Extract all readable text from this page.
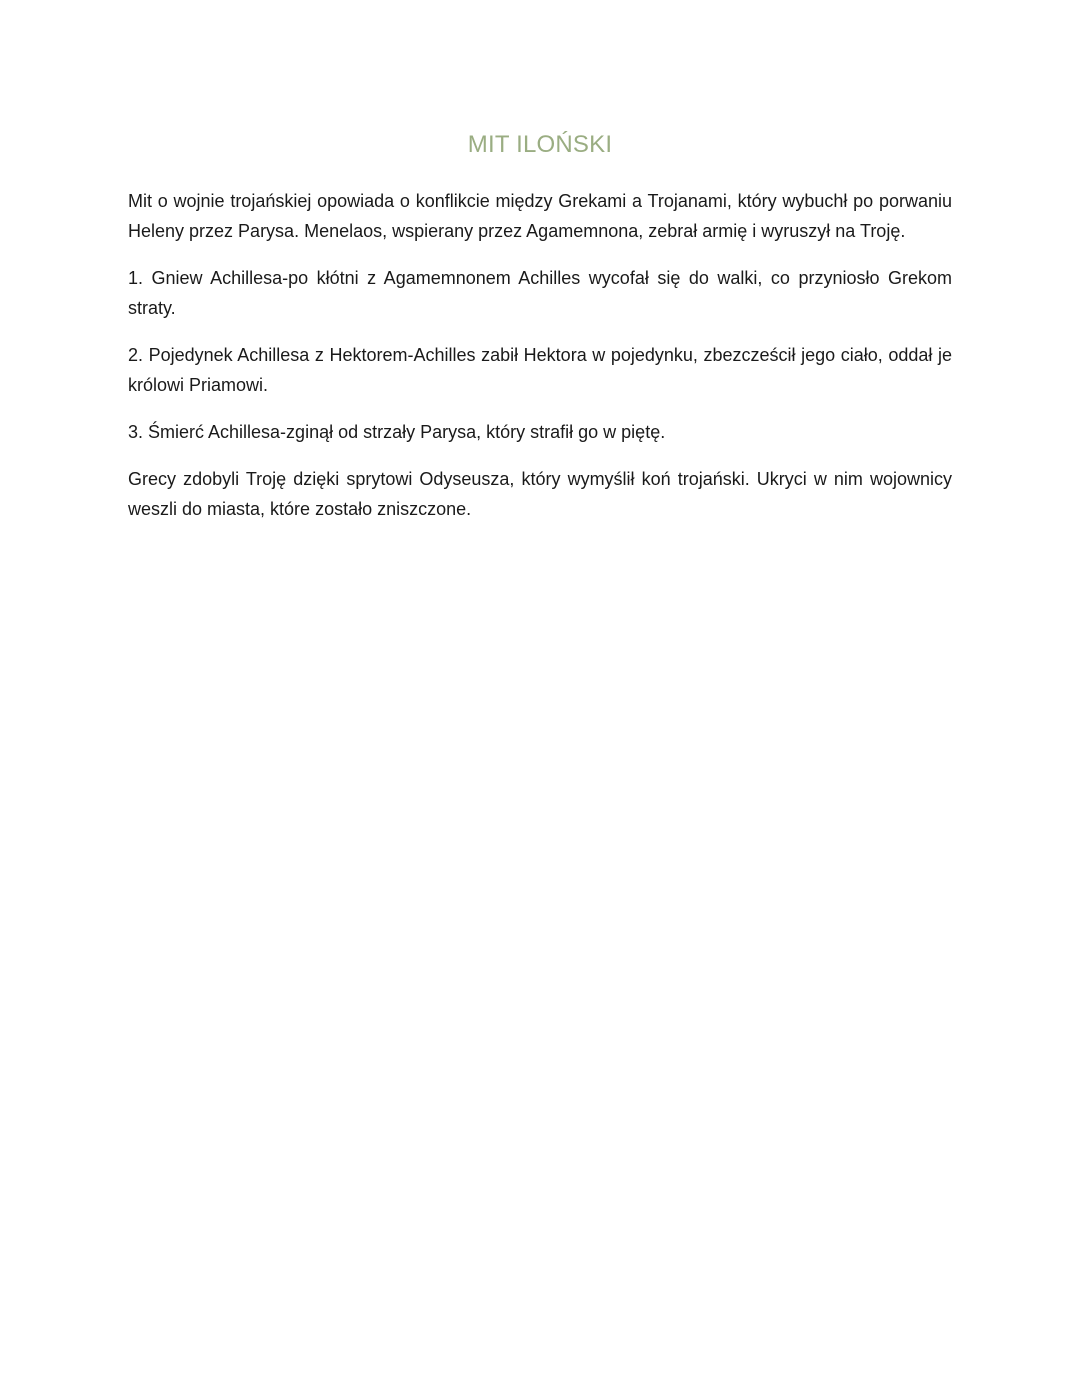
MIT ILOŃSKI

Mit o wojnie trojańskiej opowiada o konflikcie między Grekami a Trojanami, który wybuchł po porwaniu Heleny przez Parysa. Menelaos, wspierany przez Agamemnona, zebrał armię i wyruszył na Troję.

1. Gniew Achillesa-po kłótni z Agamemnonem Achilles wycofał się do walki, co przyniosło Grekom straty.

2. Pojedynek Achillesa z Hektorem-Achilles zabił Hektora w pojedynku, zbezcześcił jego ciało, oddał je królowi Priamowi.

3. Śmierć Achillesa-zginął od strzały Parysa, który strafił go w piętę.

Grecy zdobyli Troję dzięki sprytowi Odyseusza, który wymyślił koń trojański. Ukryci w nim wojownicy weszli do miasta, które zostało zniszczone.
